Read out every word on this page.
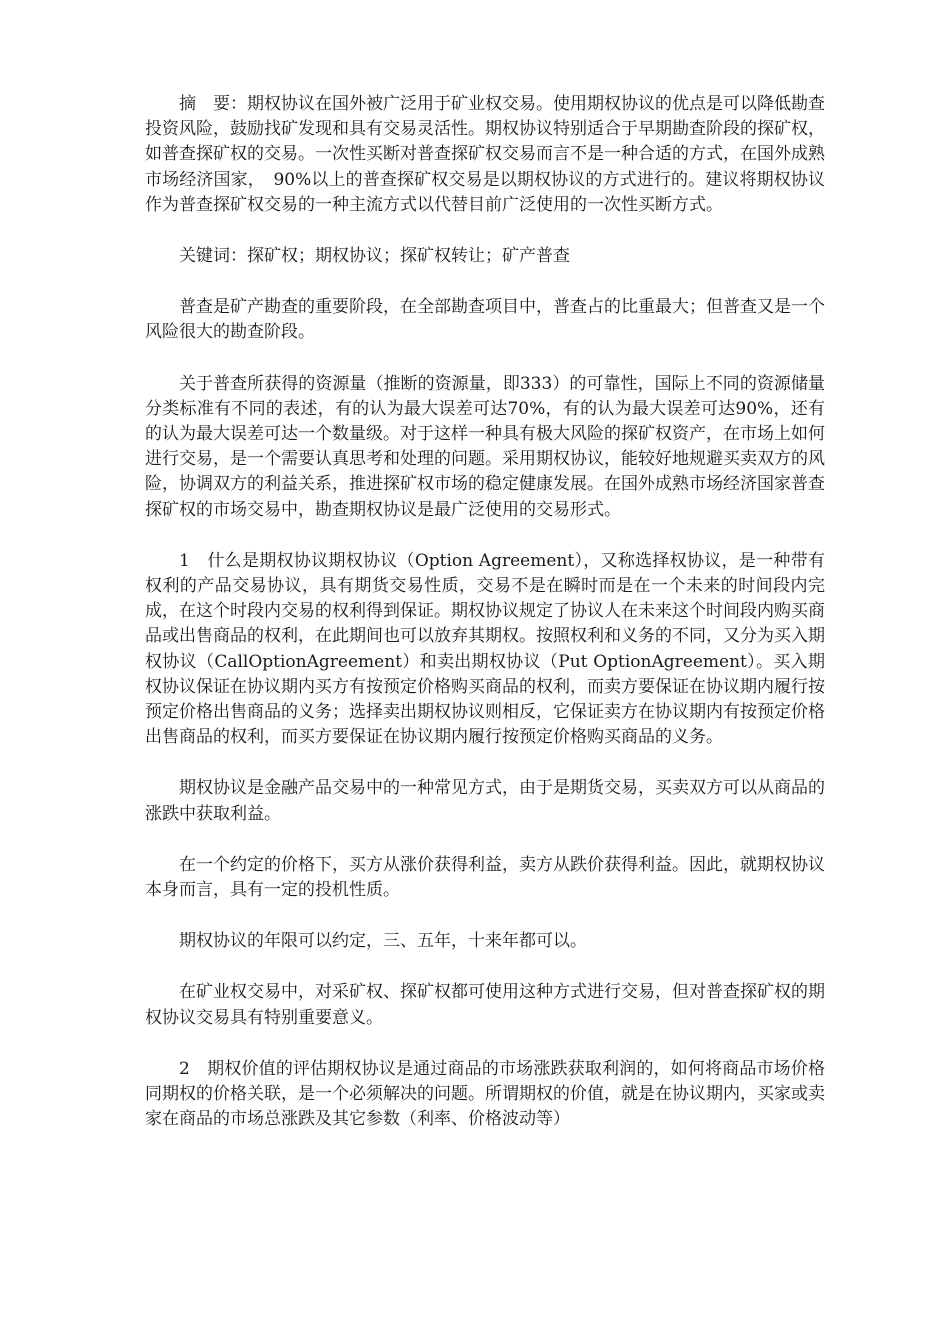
摘　要：期权协议在国外被广泛用于矿业权交易。使用期权协议的优点是可以降低勘查投资风险，鼓励找矿发现和具有交易灵活性。期权协议特别适合于早期勘查阶段的探矿权，如普查探矿权的交易。一次性买断对普查探矿权交易而言不是一种合适的方式，在国外成熟市场经济国家，　90%以上的普查探矿权交易是以期权协议的方式进行的。建议将期权协议作为普查探矿权交易的一种主流方式以代替目前广泛使用的一次性买断方式。

关键词：探矿权；期权协议；探矿权转让；矿产普查

普查是矿产勘查的重要阶段，在全部勘查项目中，普查占的比重最大；但普查又是一个风险很大的勘查阶段。

关于普查所获得的资源量（推断的资源量，即333）的可靠性，国际上不同的资源储量分类标准有不同的表述，有的认为最大误差可达70%，有的认为最大误差可达90%，还有的认为最大误差可达一个数量级。对于这样一种具有极大风险的探矿权资产，在市场上如何进行交易，是一个需要认真思考和处理的问题。采用期权协议，能较好地规避买卖双方的风险，协调双方的利益关系，推进探矿权市场的稳定健康发展。在国外成熟市场经济国家普查探矿权的市场交易中，勘查期权协议是最广泛使用的交易形式。

1　什么是期权协议期权协议（Option Agreement），又称选择权协议，是一种带有权利的产品交易协议，具有期货交易性质，交易不是在瞬时而是在一个未来的时间段内完成，在这个时段内交易的权利得到保证。期权协议规定了协议人在未来这个时间段内购买商品或出售商品的权利，在此期间也可以放弃其期权。按照权利和义务的不同，又分为买入期权协议（CallOptionAgreement）和卖出期权协议（Put OptionAgreement）。买入期权协议保证在协议期内买方有按预定价格购买商品的权利，而卖方要保证在协议期内履行按预定价格出售商品的义务；选择卖出期权协议则相反，它保证卖方在协议期内有按预定价格出售商品的权利，而买方要保证在协议期内履行按预定价格购买商品的义务。

期权协议是金融产品交易中的一种常见方式，由于是期货交易，买卖双方可以从商品的涨跌中获取利益。

在一个约定的价格下，买方从涨价获得利益，卖方从跌价获得利益。因此，就期权协议本身而言，具有一定的投机性质。

期权协议的年限可以约定，三、五年，十来年都可以。

在矿业权交易中，对采矿权、探矿权都可使用这种方式进行交易，但对普查探矿权的期权协议交易具有特别重要意义。

2　期权价值的评估期权协议是通过商品的市场涨跌获取利润的，如何将商品市场价格同期权的价格关联，是一个必须解决的问题。所谓期权的价值，就是在协议期内，买家或卖家在商品的市场总涨跌及其它参数（利率、价格波动等）
